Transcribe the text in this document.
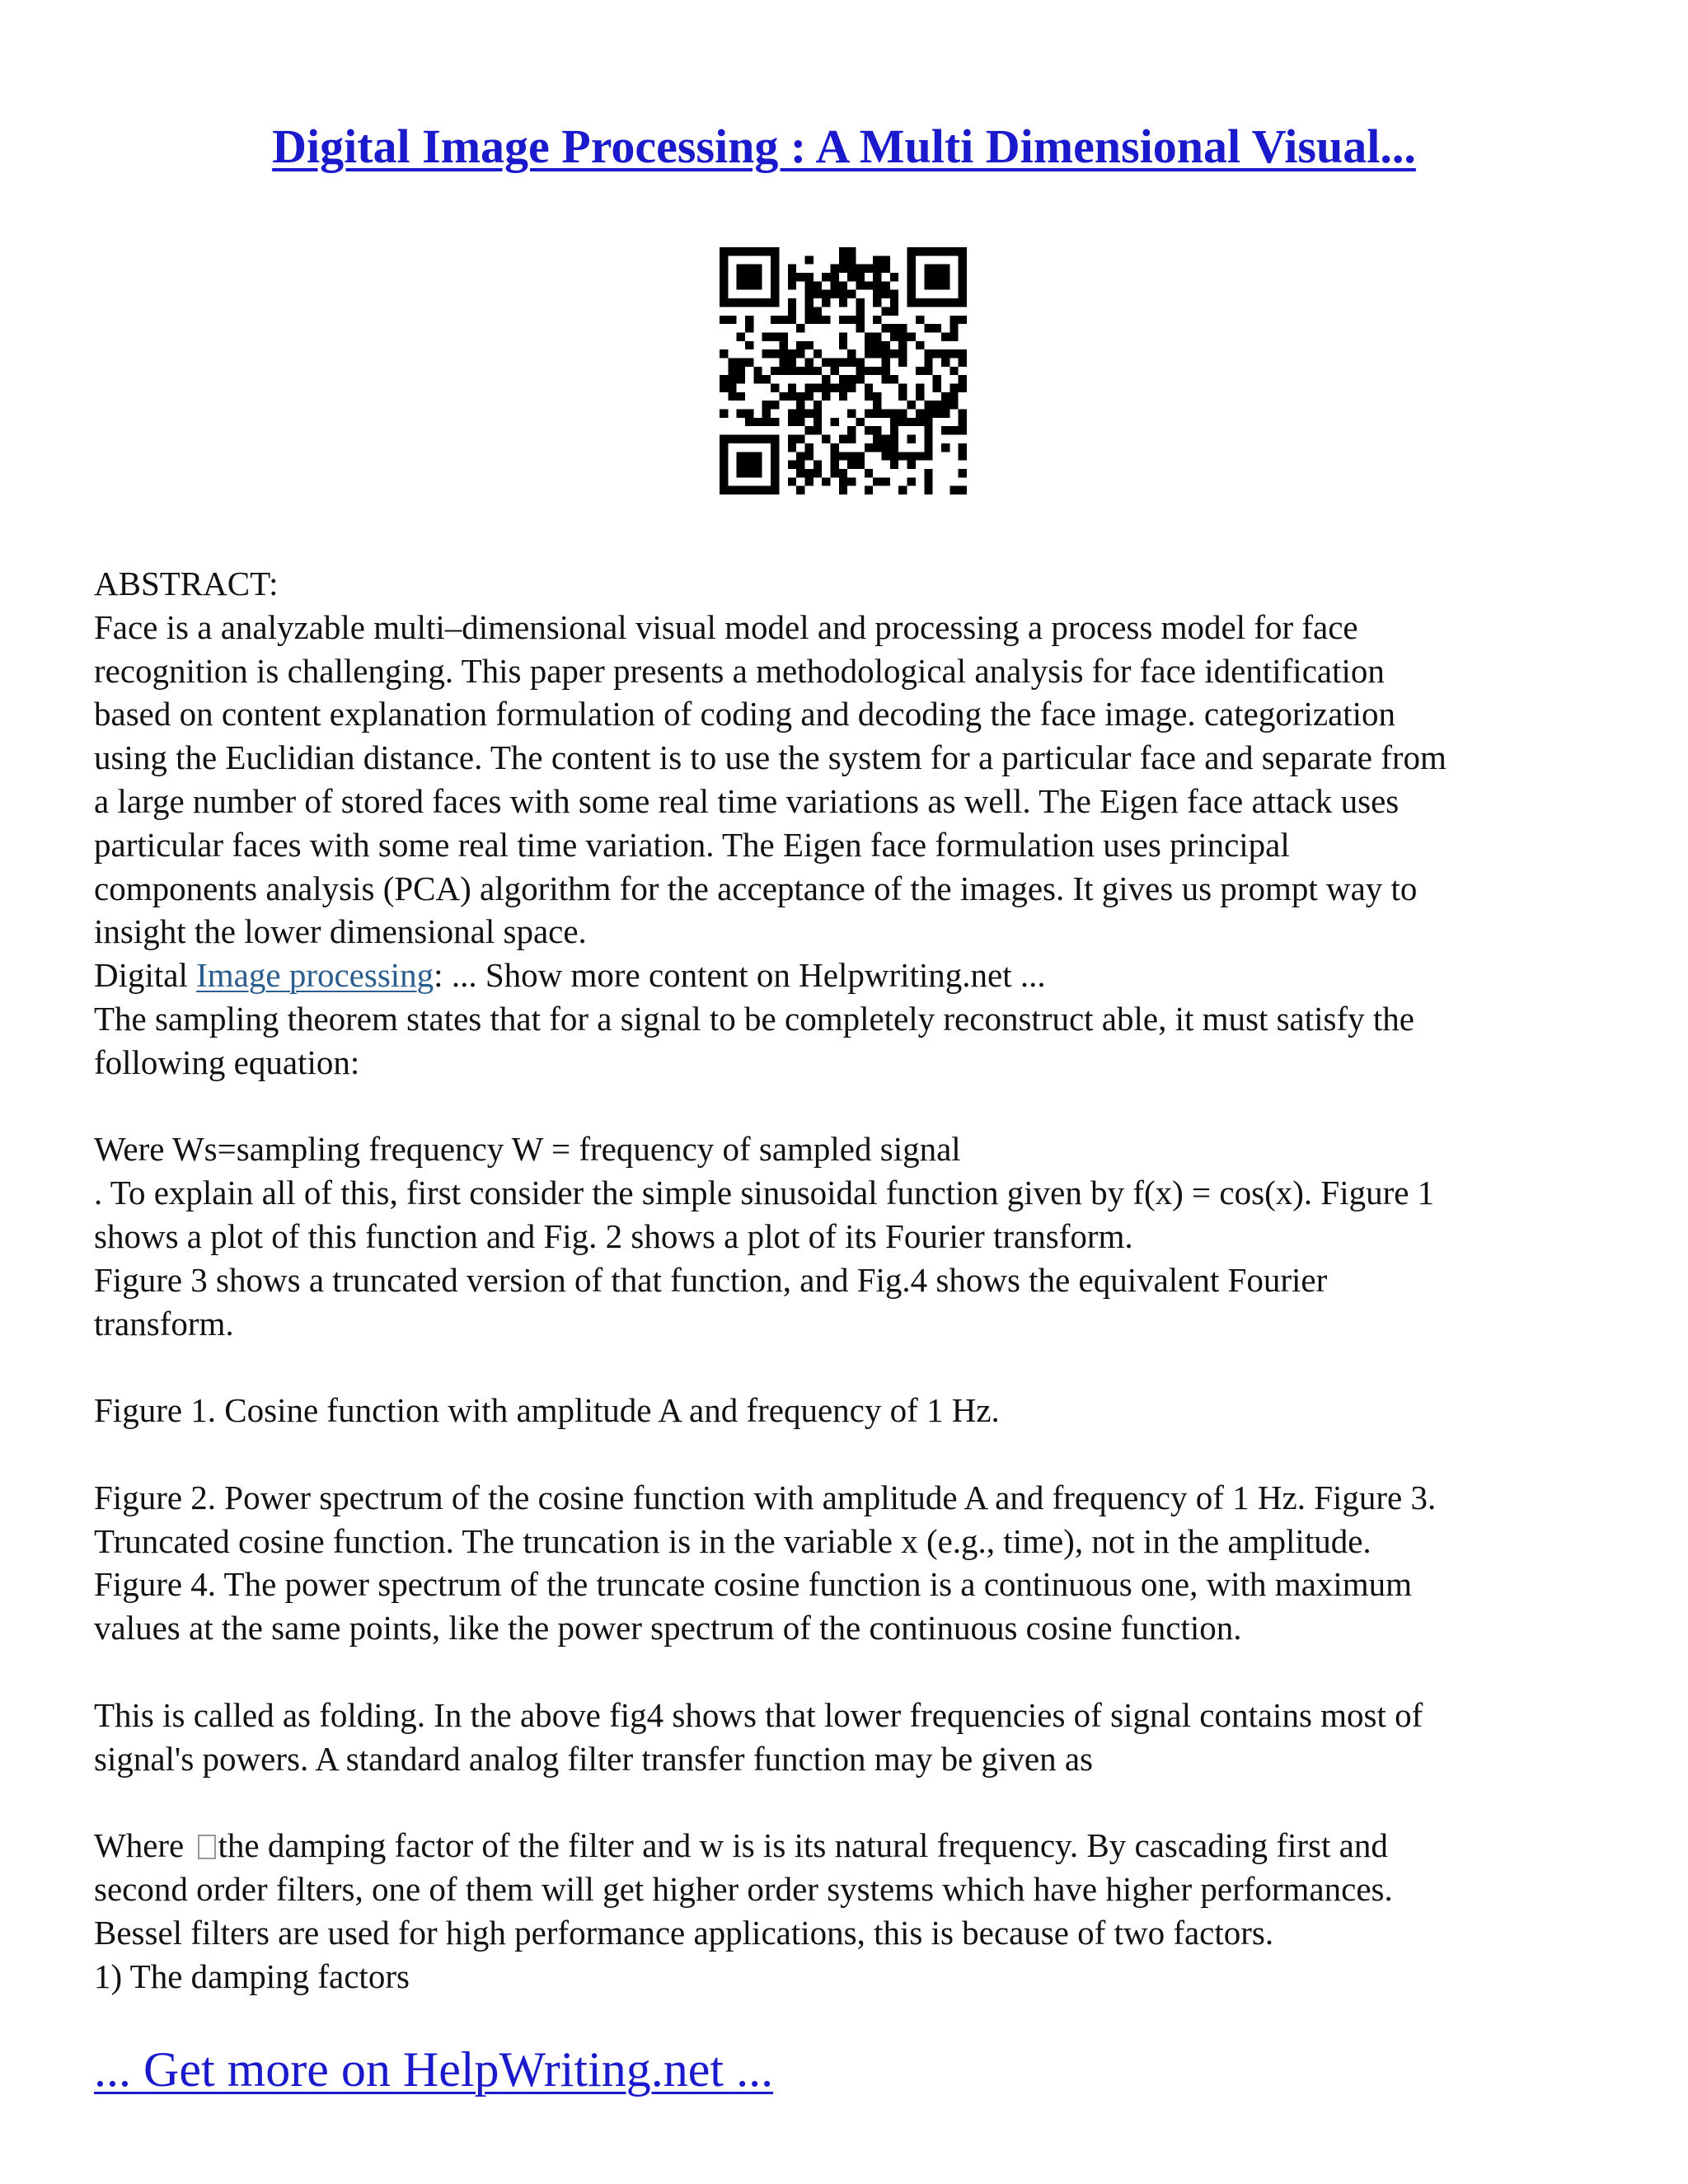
Digital Image Processing : A Multi Dimensional Visual...
ABSTRACT:
Face is a analyzable multi–dimensional visual model and processing a process model for face
recognition is challenging. This paper presents a methodological analysis for face identification
based on content explanation formulation of coding and decoding the face image. categorization
using the Euclidian distance. The content is to use the system for a particular face and separate from
a large number of stored faces with some real time variations as well. The Eigen face attack uses
particular faces with some real time variation. The Eigen face formulation uses principal
components analysis (PCA) algorithm for the acceptance of the images. It gives us prompt way to
insight the lower dimensional space.
Digital Image processing: ... Show more content on Helpwriting.net ...
The sampling theorem states that for a signal to be completely reconstruct able, it must satisfy the
following equation:
Were Ws=sampling frequency W = frequency of sampled signal
. To explain all of this, first consider the simple sinusoidal function given by f(x) = cos(x). Figure 1
shows a plot of this function and Fig. 2 shows a plot of its Fourier transform.
Figure 3 shows a truncated version of that function, and Fig.4 shows the equivalent Fourier
transform.
Figure 1. Cosine function with amplitude A and frequency of 1 Hz.
Figure 2. Power spectrum of the cosine function with amplitude A and frequency of 1 Hz. Figure 3.
Truncated cosine function. The truncation is in the variable x (e.g., time), not in the amplitude.
Figure 4. The power spectrum of the truncate cosine function is a continuous one, with maximum
values at the same points, like the power spectrum of the continuous cosine function.
This is called as folding. In the above fig4 shows that lower frequencies of signal contains most of
signal's powers. A standard analog filter transfer function may be given as
Where the damping factor of the filter and w is is its natural frequency. By cascading first and
second order filters, one of them will get higher order systems which have higher performances.
Bessel filters are used for high performance applications, this is because of two factors.
1) The damping factors
... Get more on HelpWriting.net ...
